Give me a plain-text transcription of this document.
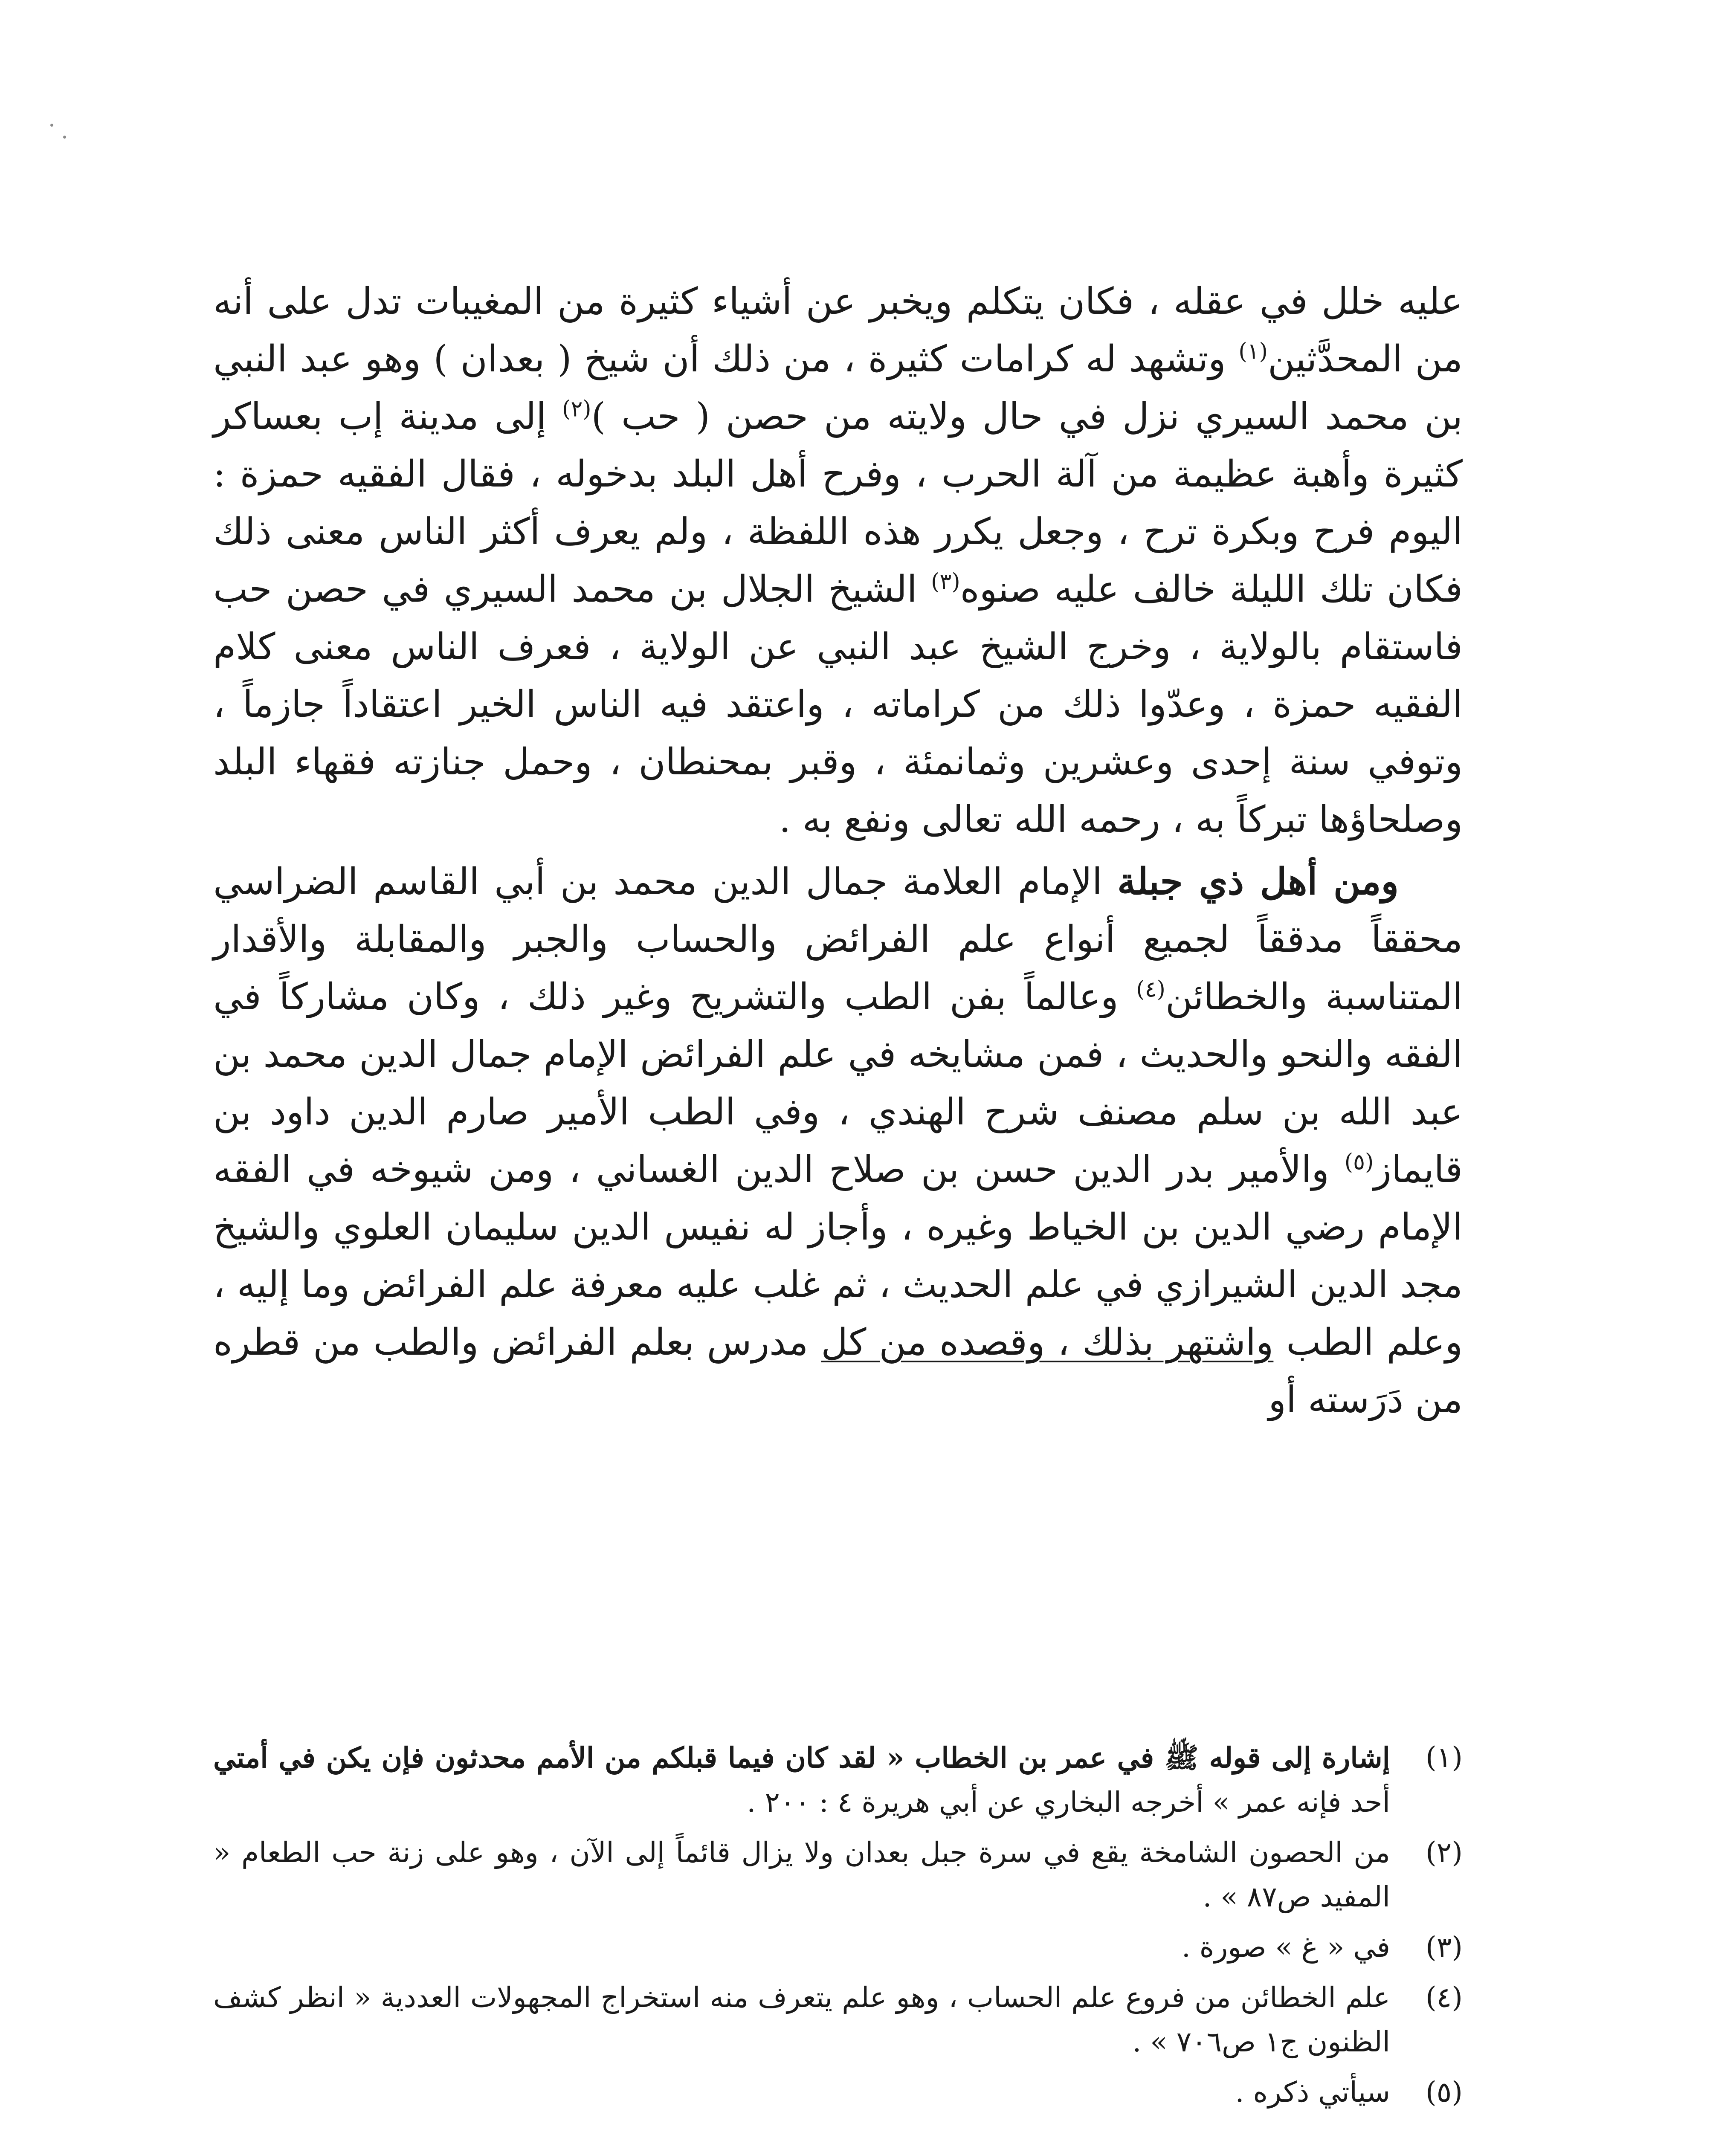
عليه خلل في عقله ، فكان يتكلم ويخبر عن أشياء كثيرة من المغيبات تدل على أنه من المحدَّثين$^{(١)}$ وتشهد له كرامات كثيرة ، من ذلك أن شيخ ( بعدان ) وهو عبد النبي بن محمد السيري نزل في حال ولايته من حصن ( حب )$^{(٢)}$ إلى مدينة إب بعساكر كثيرة وأهبة عظيمة من آلة الحرب ، وفرح أهل البلد بدخوله ، فقال الفقيه حمزة : اليوم فرح وبكرة ترح ، وجعل يكرر هذه اللفظة ، ولم يعرف أكثر الناس معنى ذلك فكان تلك الليلة خالف عليه صنوه$^{(٣)}$ الشيخ الجلال بن محمد السيري في حصن حب فاستقام بالولاية ، وخرج الشيخ عبد النبي عن الولاية ، فعرف الناس معنى كلام الفقيه حمزة ، وعدّوا ذلك من كراماته ، واعتقد فيه الناس الخير اعتقاداً جازماً ، وتوفي سنة إحدى وعشرين وثمانمئة ، وقبر بمحنطان ، وحمل جنازته فقهاء البلد وصلحاؤها تبركاً به ، رحمه الله تعالى ونفع به .

ومن أهل ذي جبلة الإمام العلامة جمال الدين محمد بن أبي القاسم الضراسي محققاً مدققاً لجميع أنواع علم الفرائض والحساب والجبر والمقابلة والأقدار المتناسبة والخطائن$^{(٤)}$ وعالماً بفن الطب والتشريح وغير ذلك ، وكان مشاركاً في الفقه والنحو والحديث ، فمن مشايخه في علم الفرائض الإمام جمال الدين محمد بن عبد الله بن سلم مصنف شرح الهندي ، وفي الطب الأمير صارم الدين داود بن قايماز$^{(٥)}$ والأمير بدر الدين حسن بن صلاح الدين الغساني ، ومن شيوخه في الفقه الإمام رضي الدين بن الخياط وغيره ، وأجاز له نفيس الدين سليمان العلوي والشيخ مجد الدين الشيرازي في علم الحديث ، ثم غلب عليه معرفة علم الفرائض وما إليه ، وعلم الطب واشتهر بذلك ، وقصده من كل مدرس بعلم الفرائض والطب من قطره من دَرَسته أو

(١)
إشارة إلى قوله ﷺ في عمر بن الخطاب « لقد كان فيما قبلكم من الأمم محدثون فإن يكن في أمتي أحد فإنه عمر » أخرجه البخاري عن أبي هريرة ٤ : ٢٠٠ .
(٢)
من الحصون الشامخة يقع في سرة جبل بعدان ولا يزال قائماً إلى الآن ، وهو على زنة حب الطعام « المفيد ص٨٧ » .
(٣)
في « غ » صورة .
(٤)
علم الخطائن من فروع علم الحساب ، وهو علم يتعرف منه استخراج المجهولات العددية « انظر كشف الظنون ج١ ص٧٠٦ » .
(٥)
سيأتي ذكره .
